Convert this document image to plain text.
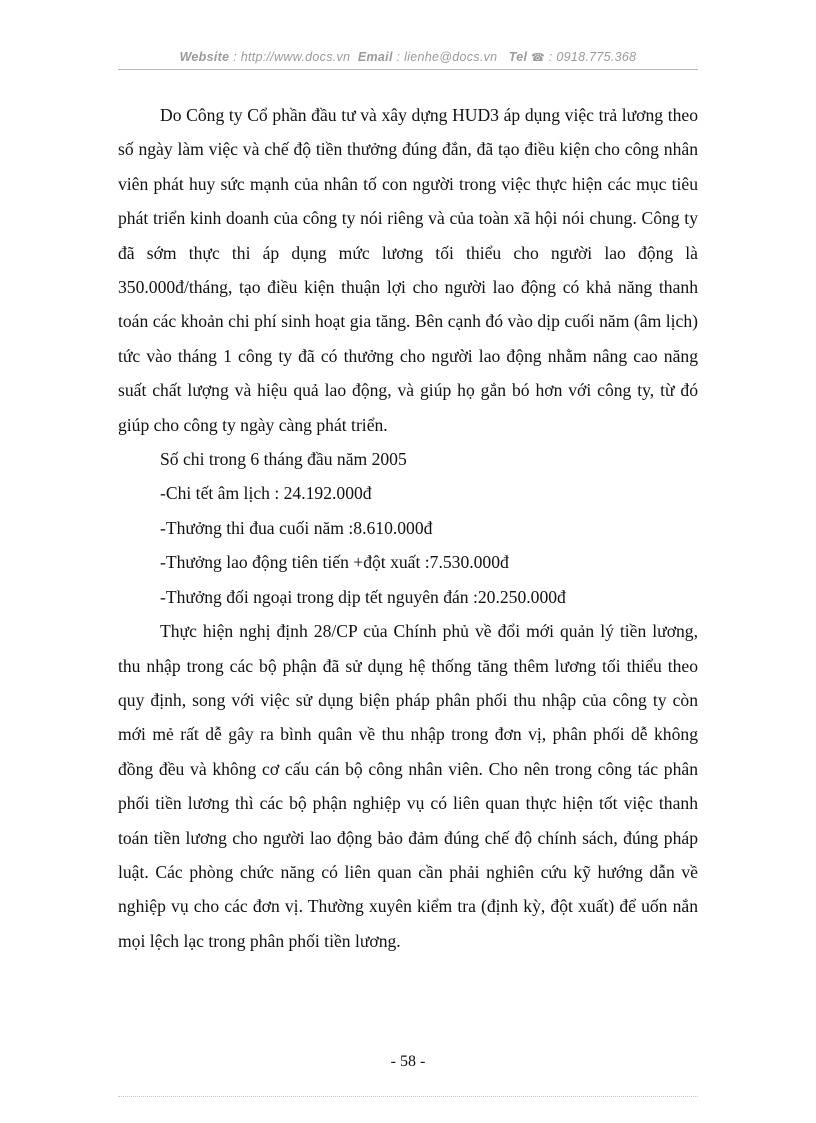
Website : http://www.docs.vn Email : lienhe@docs.vn Tel ☎ : 0918.775.368

Do Công ty Cổ phần đầu tư và xây dựng HUD3 áp dụng việc trả lương theo số ngày làm việc và chế độ tiền thưởng đúng đắn, đã tạo điều kiện cho công nhân viên phát huy sức mạnh của nhân tố con người trong việc thực hiện các mục tiêu phát triển kinh doanh của công ty nói riêng và của toàn xã hội nói chung. Công ty đã sớm thực thi áp dụng mức lương tối thiểu cho người lao động là 350.000đ/tháng, tạo điều kiện thuận lợi cho người lao động có khả năng thanh toán các khoản chi phí sinh hoạt gia tăng. Bên cạnh đó vào dịp cuối năm (âm lịch) tức vào tháng 1 công ty đã có thưởng cho người lao động nhằm nâng cao năng suất chất lượng và hiệu quả lao động, và giúp họ gắn bó hơn với công ty, từ đó giúp cho công ty ngày càng phát triển.

Số chi trong 6 tháng đầu năm 2005

-Chi tết âm lịch : 24.192.000đ

-Thưởng thi đua cuối năm :8.610.000đ

-Thưởng lao động tiên tiến +đột xuất :7.530.000đ

-Thưởng đối ngoại trong dịp tết nguyên đán :20.250.000đ

Thực hiện nghị định 28/CP của Chính phủ về đổi mới quản lý tiền lương, thu nhập trong các bộ phận đã sử dụng hệ thống tăng thêm lương tối thiểu theo quy định, song với việc sử dụng biện pháp phân phối thu nhập của công ty còn mới mẻ rất dễ gây ra bình quân về thu nhập trong đơn vị, phân phối dễ không đồng đều và không cơ cấu cán bộ công nhân viên. Cho nên trong công tác phân phối tiền lương thì các bộ phận nghiệp vụ có liên quan thực hiện tốt việc thanh toán tiền lương cho người lao động bảo đảm đúng chế độ chính sách, đúng pháp luật. Các phòng chức năng có liên quan cần phải nghiên cứu kỹ hướng dẫn về nghiệp vụ cho các đơn vị. Thường xuyên kiểm tra (định kỳ, đột xuất) để uốn nắn mọi lệch lạc trong phân phối tiền lương.

- 58 -
